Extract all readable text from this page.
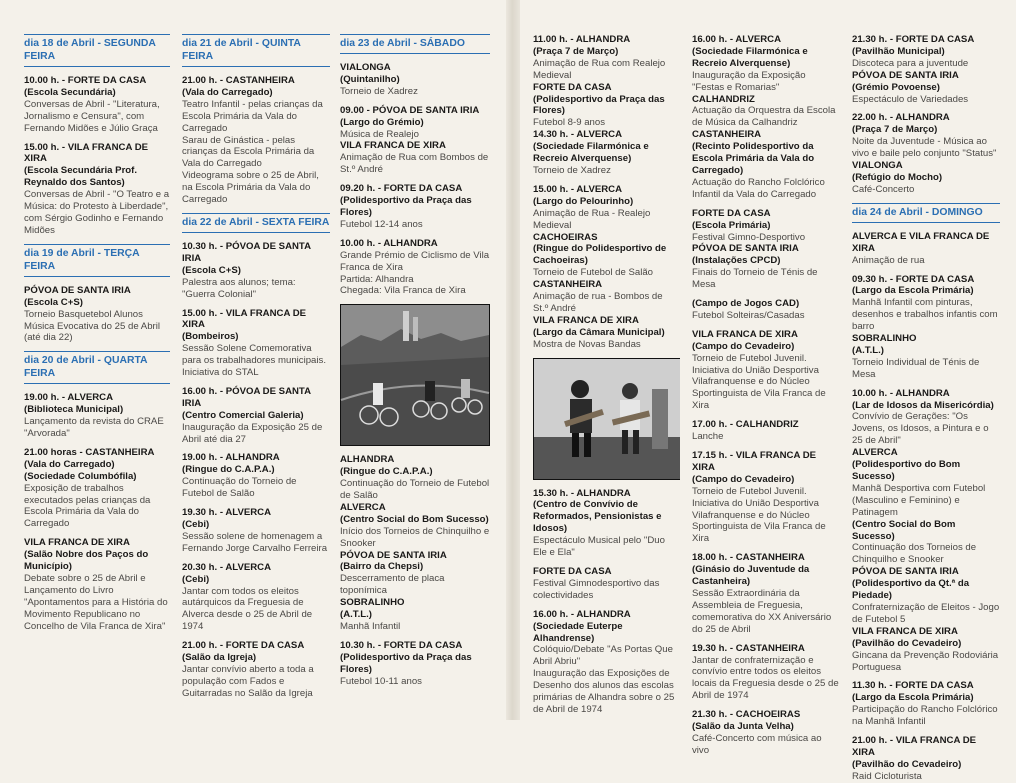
dia 18 de Abril - SEGUNDA FEIRA
10.00 h. - FORTE DA CASA
(Escola Secundária)
Conversas de Abril - "Literatura, Jornalismo e Censura", com Fernando Midões e Júlio Graça
15.00 h. - VILA FRANCA DE XIRA
(Escola Secundária Prof. Reynaldo dos Santos)
Conversas de Abril - "O Teatro e a Música: do Protesto à Liberdade", com Sérgio Godinho e Fernando Midões
dia 19 de Abril - TERÇA FEIRA
PÓVOA DE SANTA IRIA
(Escola C+S)
Torneio Basquetebol Alunos
Música Evocativa do 25 de Abril (até dia 22)
dia 20 de Abril - QUARTA FEIRA
19.00 h. - ALVERCA
(Biblioteca Municipal)
Lançamento da revista do CRAE "Arvorada"
21.00 horas - CASTANHEIRA
(Vala do Carregado)
(Sociedade Columbófila)
Exposição de trabalhos executados pelas crianças da Escola Primária da Vala do Carregado
VILA FRANCA DE XIRA
(Salão Nobre dos Paços do Município)
Debate sobre o 25 de Abril e Lançamento do Livro "Apontamentos para a História do Movimento Republicano no Concelho de Vila Franca de Xira"
dia 21 de Abril - QUINTA FEIRA
21.00 h. - CASTANHEIRA
(Vala do Carregado)
Teatro Infantil - pelas crianças da Escola Primária da Vala do Carregado
Sarau de Ginástica - pelas crianças da Escola Primária da Vala do Carregado
Videograma sobre o 25 de Abril, na Escola Primária da Vala do Carregado
dia 22 de Abril - SEXTA FEIRA
10.30 h. - PÓVOA DE SANTA IRIA
(Escola C+S)
Palestra aos alunos; tema: "Guerra Colonial"
15.00 h. - VILA FRANCA DE XIRA
(Bombeiros)
Sessão Solene Comemorativa para os trabalhadores municipais. Iniciativa do STAL
16.00 h. - PÓVOA DE SANTA IRIA
(Centro Comercial Galeria)
Inauguração da Exposição 25 de Abril até dia 27
19.00 h. - ALHANDRA
(Ringue do C.A.P.A.)
Continuação do Torneio de Futebol de Salão
19.30 h. - ALVERCA
(Cebi)
Sessão solene de homenagem a Fernando Jorge Carvalho Ferreira
20.30 h. - ALVERCA
(Cebi)
Jantar com todos os eleitos autárquicos da Freguesia de Alverca desde o 25 de Abril de 1974
21.00 h. - FORTE DA CASA
(Salão da Igreja)
Jantar convívio aberto a toda a população com Fados e Guitarradas no Salão da Igreja
dia 23 de Abril - SÁBADO
VIALONGA
(Quintanilho)
Torneio de Xadrez
09.00 - PÓVOA DE SANTA IRIA
(Largo do Grémio)
Música de Realejo
VILA FRANCA DE XIRA
Animação de Rua com Bombos de St.º André
09.20 h. - FORTE DA CASA
(Polidesportivo da Praça das Flores)
Futebol 12-14 anos
10.00 h. - ALHANDRA
Grande Prémio de Ciclismo de Vila Franca de Xira
Partida: Alhandra
Chegada: Vila Franca de Xira
ALHANDRA
(Ringue do C.A.P.A.)
Continuação do Torneio de Futebol de Salão
ALVERCA
(Centro Social do Bom Sucesso)
Início dos Torneios de Chinquilho e Snooker
PÓVOA DE SANTA IRIA
(Bairro da Chepsi)
Descerramento de placa toponímica
SOBRALINHO
(A.T.L.)
Manhã Infantil
10.30 h. - FORTE DA CASA
(Polidesportivo da Praça das Flores)
Futebol 10-11 anos
11.00 h. - ALHANDRA
(Praça 7 de Março)
Animação de Rua com Realejo Medieval
FORTE DA CASA
(Polidesportivo da Praça das Flores)
Futebol 8-9 anos
14.30 h. - ALVERCA
(Sociedade Filarmónica e Recreio Alverquense)
Torneio de Xadrez
15.00 h. - ALVERCA
(Largo do Pelourinho)
Animação de Rua - Realejo Medieval
CACHOEIRAS
(Ringue do Polidesportivo de Cachoeiras)
Torneio de Futebol de Salão
CASTANHEIRA
Animação de rua - Bombos de St.º André
VILA FRANCA DE XIRA
(Largo da Câmara Municipal)
Mostra de Novas Bandas
15.30 h. - ALHANDRA
(Centro de Convívio de Reformados, Pensionistas e Idosos)
Espectáculo Musical pelo "Duo Ele e Ela"
FORTE DA CASA
Festival Gimnodesportivo das colectividades
16.00 h. - ALHANDRA
(Sociedade Euterpe Alhandrense)
Colóquio/Debate "As Portas Que Abril Abriu"
Inauguração das Exposições de Desenho dos alunos das escolas primárias de Alhandra sobre o 25 de Abril de 1974
16.00 h. - ALVERCA
(Sociedade Filarmónica e Recreio Alverquense)
Inauguração da Exposição "Festas e Romarias"
CALHANDRIZ
Actuação da Orquestra da Escola de Música da Calhandriz
CASTANHEIRA
(Recinto Polidesportivo da Escola Primária da Vala do Carregado)
Actuação do Rancho Folclórico Infantil da Vala do Carregado
FORTE DA CASA
(Escola Primária)
Festival Gimno-Desportivo
PÓVOA DE SANTA IRIA
(Instalações CPCD)
Finais do Torneio de Ténis de Mesa
(Campo de Jogos CAD)
Futebol Solteiras/Casadas
VILA FRANCA DE XIRA
(Campo do Cevadeiro)
Torneio de Futebol Juvenil. Iniciativa do União Desportiva Vilafranquense e do Núcleo Sportinguista de Vila Franca de Xira
17.00 h. - CALHANDRIZ
Lanche
17.15 h. - VILA FRANCA DE XIRA
(Campo do Cevadeiro)
Torneio de Futebol Juvenil. Iniciativa do União Desportiva Vilafranquense e do Núcleo Sportinguista de Vila Franca de Xira
18.00 h. - CASTANHEIRA
(Ginásio do Juventude da Castanheira)
Sessão Extraordinária da Assembleia de Freguesia, comemorativa do XX Aniversário do 25 de Abril
19.30 h. - CASTANHEIRA
Jantar de confraternização e convívio entre todos os eleitos locais da Freguesia desde o 25 de Abril de 1974
21.30 h. - CACHOEIRAS
(Salão da Junta Velha)
Café-Concerto com música ao vivo
21.30 h. - FORTE DA CASA
(Pavilhão Municipal)
Discoteca para a juventude
PÓVOA DE SANTA IRIA
(Grémio Povoense)
Espectáculo de Variedades
22.00 h. - ALHANDRA
(Praça 7 de Março)
Noite da Juventude - Música ao vivo e baile pelo conjunto "Status"
VIALONGA
(Refúgio do Mocho)
Café-Concerto
dia 24 de Abril - DOMINGO
ALVERCA E VILA FRANCA DE XIRA
Animação de rua
09.30 h. - FORTE DA CASA
(Largo da Escola Primária)
Manhã Infantil com pinturas, desenhos e trabalhos infantis com barro
SOBRALINHO
(A.T.L.)
Torneio Individual de Ténis de Mesa
10.00 h. - ALHANDRA
(Lar de Idosos da Misericórdia)
Convívio de Gerações: "Os Jovens, os Idosos, a Pintura e o 25 de Abril"
ALVERCA
(Polidesportivo do Bom Sucesso)
Manhã Desportiva com Futebol (Masculino e Feminino) e Patinagem
(Centro Social do Bom Sucesso)
Continuação dos Torneios de Chinquilho e Snooker
PÓVOA DE SANTA IRIA
(Polidesportivo da Qt.ª da Piedade)
Confraternização de Eleitos - Jogo de Futebol 5
VILA FRANCA DE XIRA
(Pavilhão do Cevadeiro)
Gincana da Prevenção Rodoviária Portuguesa
11.30 h. - FORTE DA CASA
(Largo da Escola Primária)
Participação do Rancho Folclórico na Manhã Infantil
21.00 h. - VILA FRANCA DE XIRA
(Pavilhão do Cevadeiro)
Raid Cicloturista
